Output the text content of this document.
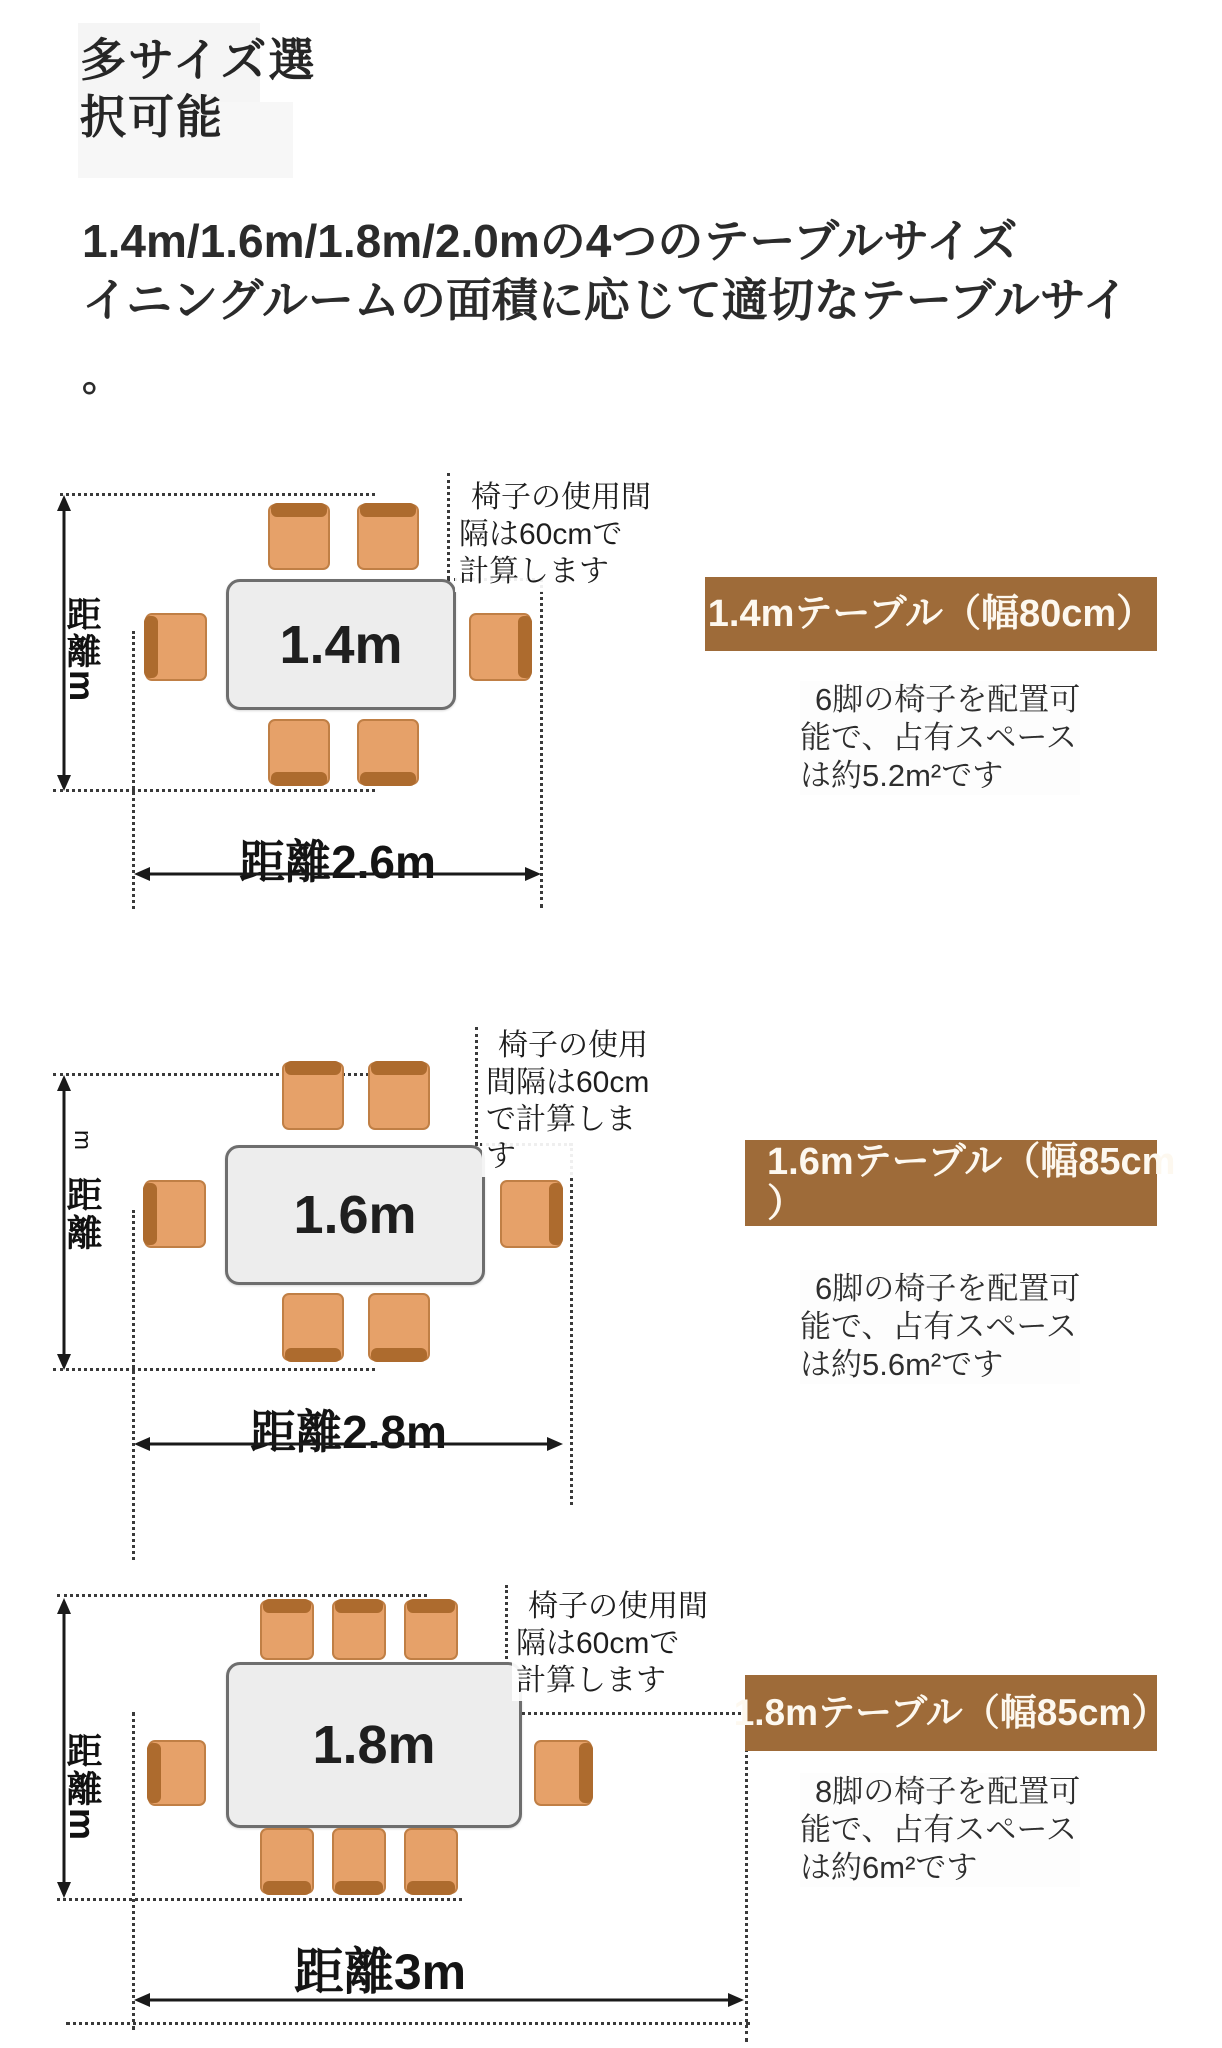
多サイズ選
択可能
1.4m/1.6m/1.8m/2.0mの4つのテーブルサイズ
イニングルームの面積に応じて適切なテーブルサイ
。
距離m
1.4m
椅子の使用間
隔は60cmで
計算します
距離2.6m
1.4mテーブル（幅80cm）
6脚の椅子を配置可
能で、占有スペース
は約5.2m²です
m距離	1.6m
椅子の使用
間隔は60cm
で計算しま
す
距離2.8m
1.6mテーブル（幅85cm
）
6脚の椅子を配置可
能で、占有スペース
は約5.6m²です
距離m
1.8m
椅子の使用間
隔は60cmで
計算します
距離3m
1.8mテーブル（幅85cm）
8脚の椅子を配置可
能で、占有スペース
は約6m²です
